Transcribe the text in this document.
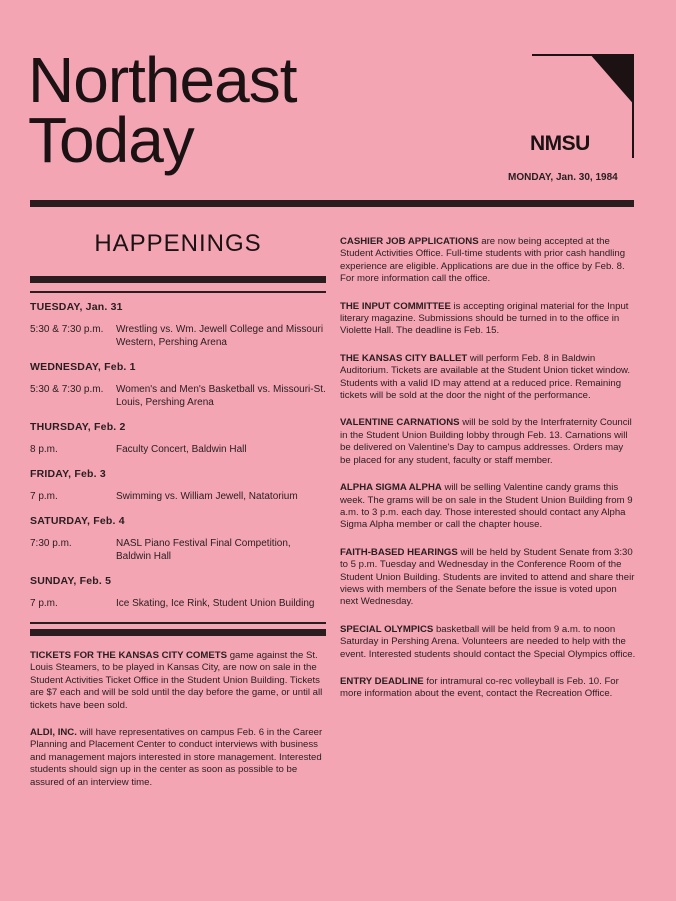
Northeast
Today	NMSU
MONDAY, Jan. 30, 1984
HAPPENINGS
TUESDAY, Jan. 31
5:30 & 7:30 p.m.	Wrestling vs. Wm. Jewell College and Missouri Western, Pershing Arena
WEDNESDAY, Feb. 1
5:30 & 7:30 p.m.	Women's and Men's Basketball vs. Missouri-St. Louis, Pershing Arena
THURSDAY, Feb. 2
8 p.m.	Faculty Concert, Baldwin Hall
FRIDAY, Feb. 3
7 p.m.	Swimming vs. William Jewell, Natatorium
SATURDAY, Feb. 4
7:30 p.m.	NASL Piano Festival Final Competition, Baldwin Hall
SUNDAY, Feb. 5
7 p.m.	Ice Skating, Ice Rink, Student Union Building
TICKETS FOR THE KANSAS CITY COMETS game against the St. Louis Steamers, to be played in Kansas City, are now on sale in the Student Activities Ticket Office in the Student Union Building. Tickets are $7 each and will be sold until the day before the game, or until all tickets have been sold.
ALDI, INC. will have representatives on campus Feb. 6 in the Career Planning and Placement Center to conduct interviews with business and management majors interested in store management. Interested students should sign up in the center as soon as possible to be assured of an interview time.
CASHIER JOB APPLICATIONS are now being accepted at the Student Activities Office. Full-time students with prior cash handling experience are eligible. Applications are due in the office by Feb. 8. For more information call the office.
THE INPUT COMMITTEE is accepting original material for the Input literary magazine. Submissions should be turned in to the office in Violette Hall. The deadline is Feb. 15.
THE KANSAS CITY BALLET will perform Feb. 8 in Baldwin Auditorium. Tickets are available at the Student Union ticket window. Students with a valid ID may attend at a reduced price. Remaining tickets will be sold at the door the night of the performance.
VALENTINE CARNATIONS will be sold by the Interfraternity Council in the Student Union Building lobby through Feb. 13. Carnations will be delivered on Valentine's Day to campus addresses. Orders may be placed for any student, faculty or staff member.
ALPHA SIGMA ALPHA will be selling Valentine candy grams this week. The grams will be on sale in the Student Union Building from 9 a.m. to 3 p.m. each day. Those interested should contact any Alpha Sigma Alpha member or call the chapter house.
FAITH-BASED HEARINGS will be held by Student Senate from 3:30 to 5 p.m. Tuesday and Wednesday in the Conference Room of the Student Union Building. Students are invited to attend and share their views with members of the Senate before the issue is voted upon next Wednesday.
SPECIAL OLYMPICS basketball will be held from 9 a.m. to noon Saturday in Pershing Arena. Volunteers are needed to help with the event. Interested students should contact the Special Olympics office.
ENTRY DEADLINE for intramural co-rec volleyball is Feb. 10. For more information about the event, contact the Recreation Office.
